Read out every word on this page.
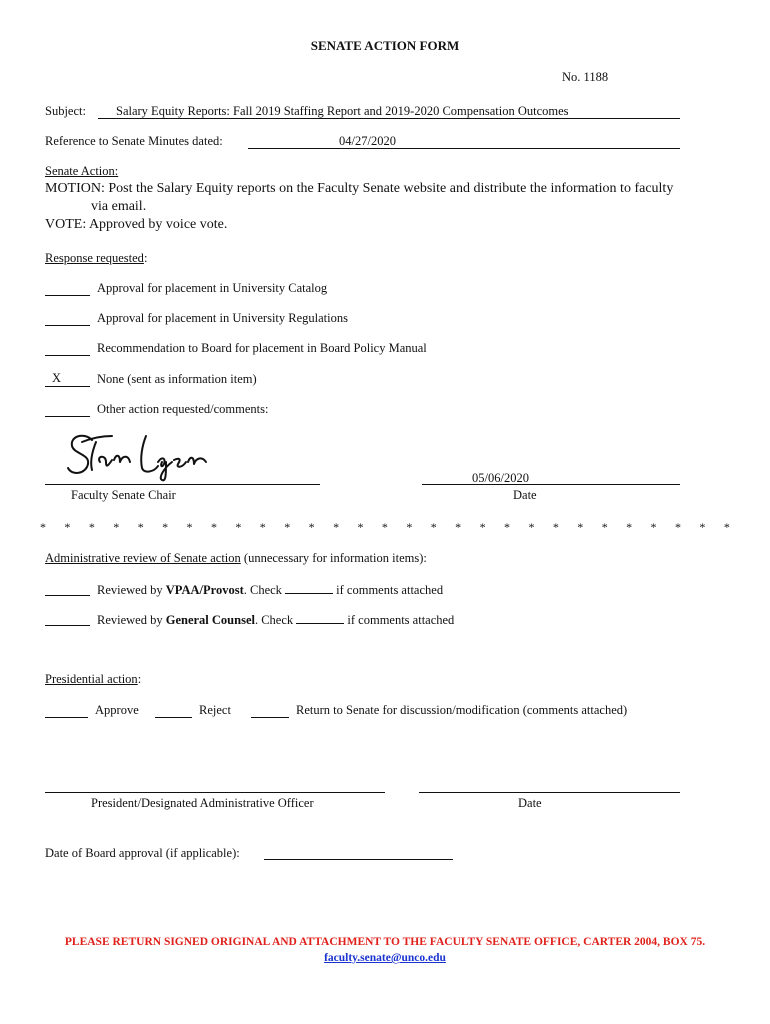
SENATE ACTION FORM
No. 1188
Subject: Salary Equity Reports: Fall 2019 Staffing Report and 2019-2020 Compensation Outcomes
Reference to Senate Minutes dated:	04/27/2020
Senate Action:
MOTION: Post the Salary Equity reports on the Faculty Senate website and distribute the information to faculty
via email.
VOTE: Approved by voice vote.
Response requested:
Approval for placement in University Catalog
Approval for placement in University Regulations
Recommendation to Board for placement in Board Policy Manual
X	None (sent as information item)
Other action requested/comments:
Faculty Senate Chair
05/06/2020
Date
* * * * * * * * * * * * * * * * * * * * * * * * * * * * *
Administrative review of Senate action (unnecessary for information items):
Reviewed by VPAA/Provost. Check	if comments attached
Reviewed by General Counsel. Check	if comments attached
Presidential action:
Approve	Reject	Return to Senate for discussion/modification (comments attached)
President/Designated Administrative Officer	Date
Date of Board approval (if applicable):
PLEASE RETURN SIGNED ORIGINAL AND ATTACHMENT TO THE FACULTY SENATE OFFICE, CARTER 2004, BOX 75.
faculty.senate@unco.edu
